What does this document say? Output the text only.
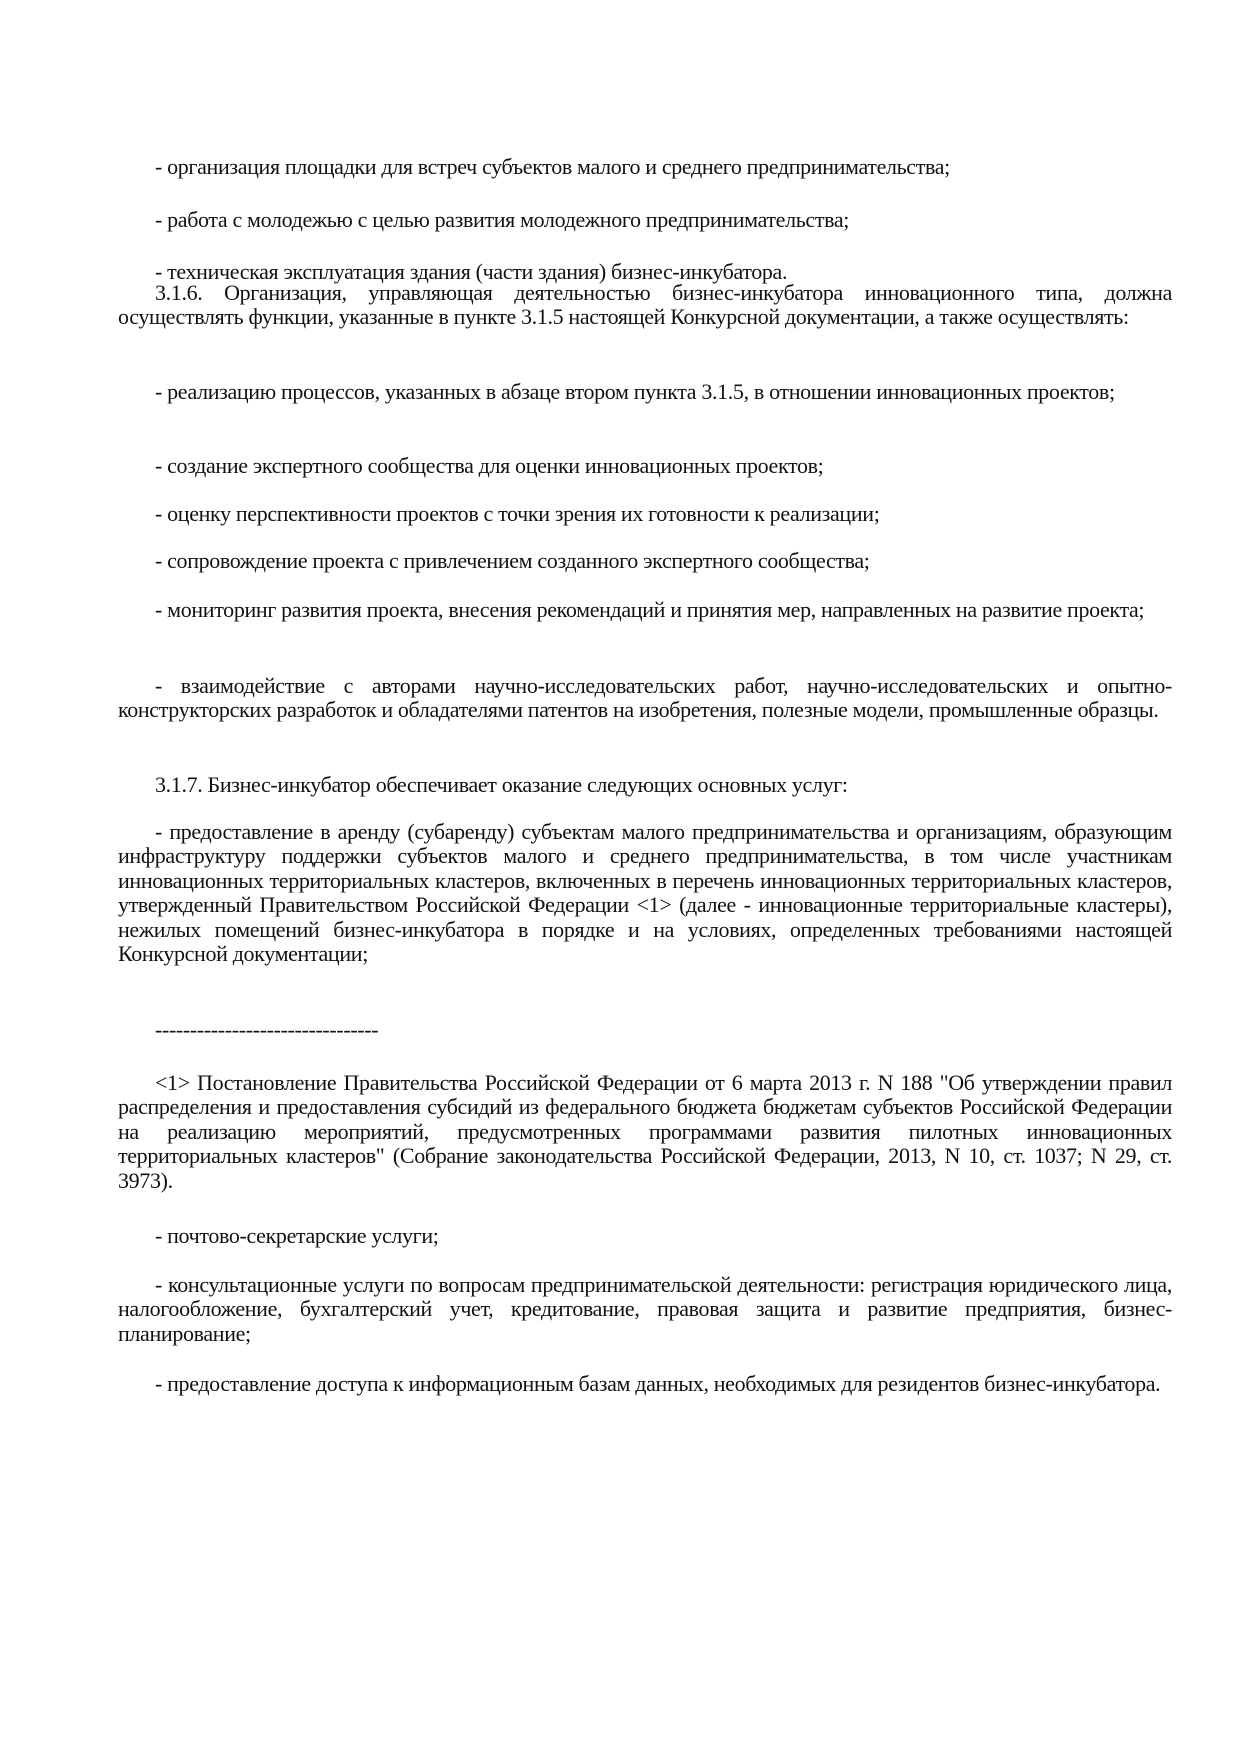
- организация площадки для встреч субъектов малого и среднего предпринимательства;
- работа с молодежью с целью развития молодежного предпринимательства;
- техническая эксплуатация здания (части здания) бизнес-инкубатора.
3.1.6. Организация, управляющая деятельностью бизнес-инкубатора инновационного типа, должна осуществлять функции, указанные в пункте 3.1.5 настоящей Конкурсной документации, а также осуществлять:
- реализацию процессов, указанных в абзаце втором пункта 3.1.5, в отношении инновационных проектов;
- создание экспертного сообщества для оценки инновационных проектов;
- оценку перспективности проектов с точки зрения их готовности к реализации;
- сопровождение проекта с привлечением созданного экспертного сообщества;
- мониторинг развития проекта, внесения рекомендаций и принятия мер, направленных на развитие проекта;
- взаимодействие с авторами научно-исследовательских работ, научно-исследовательских и опытно-конструкторских разработок и обладателями патентов на изобретения, полезные модели, промышленные образцы.
3.1.7. Бизнес-инкубатор обеспечивает оказание следующих основных услуг:
- предоставление в аренду (субаренду) субъектам малого предпринимательства и организациям, образующим инфраструктуру поддержки субъектов малого и среднего предпринимательства, в том числе участникам инновационных территориальных кластеров, включенных в перечень инновационных территориальных кластеров, утвержденный Правительством Российской Федерации <1> (далее - инновационные территориальные кластеры), нежилых помещений бизнес-инкубатора в порядке и на условиях, определенных требованиями настоящей Конкурсной документации;
--------------------------------
<1> Постановление Правительства Российской Федерации от 6 марта 2013 г. N 188 "Об утверждении правил распределения и предоставления субсидий из федерального бюджета бюджетам субъектов Российской Федерации на реализацию мероприятий, предусмотренных программами развития пилотных инновационных территориальных кластеров" (Собрание законодательства Российской Федерации, 2013, N 10, ст. 1037; N 29, ст. 3973).
- почтово-секретарские услуги;
- консультационные услуги по вопросам предпринимательской деятельности: регистрация юридического лица, налогообложение, бухгалтерский учет, кредитование, правовая защита и развитие предприятия, бизнес-планирование;
- предоставление доступа к информационным базам данных, необходимых для резидентов бизнес-инкубатора.
